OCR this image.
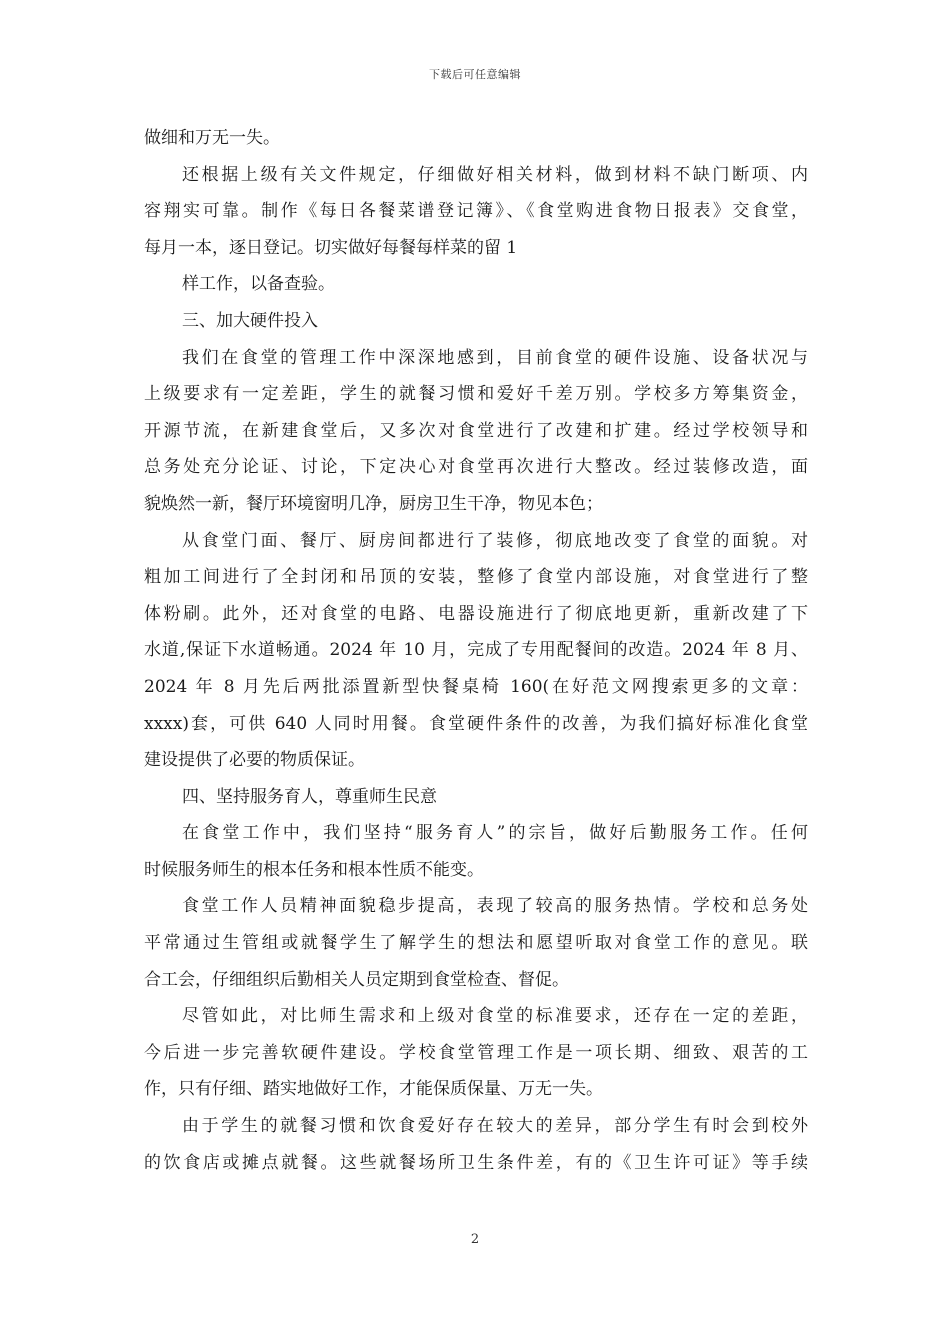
下载后可任意编辑
做细和万无一失。
还根据上级有关文件规定，仔细做好相关材料，做到材料不缺门断项、内
容翔实可靠。制作《每日各餐菜谱登记簿》、《食堂购进食物日报表》交食堂，
每月一本，逐日登记。切实做好每餐每样菜的留 1
样工作，以备查验。
三、加大硬件投入
我们在食堂的管理工作中深深地感到，目前食堂的硬件设施、设备状况与
上级要求有一定差距，学生的就餐习惯和爱好千差万别。学校多方筹集资金，
开源节流，在新建食堂后，又多次对食堂进行了改建和扩建。经过学校领导和
总务处充分论证、讨论，下定决心对食堂再次进行大整改。经过装修改造，面
貌焕然一新，餐厅环境窗明几净，厨房卫生干净，物见本色；
从食堂门面、餐厅、厨房间都进行了装修，彻底地改变了食堂的面貌。对
粗加工间进行了全封闭和吊顶的安装，整修了食堂内部设施，对食堂进行了整
体粉刷。此外，还对食堂的电路、电器设施进行了彻底地更新，重新改建了下
水道,保证下水道畅通。2024 年 10 月，完成了专用配餐间的改造。2024 年 8 月、
2024 年 8 月先后两批添置新型快餐桌椅 160(在好范文网搜索更多的文章：
xxxx)套，可供 640 人同时用餐。食堂硬件条件的改善，为我们搞好标准化食堂
建设提供了必要的物质保证。
四、坚持服务育人，尊重师生民意
在食堂工作中，我们坚持“服务育人”的宗旨，做好后勤服务工作。任何
时候服务师生的根本任务和根本性质不能变。
食堂工作人员精神面貌稳步提高，表现了较高的服务热情。学校和总务处
平常通过生管组或就餐学生了解学生的想法和愿望听取对食堂工作的意见。联
合工会，仔细组织后勤相关人员定期到食堂检查、督促。
尽管如此，对比师生需求和上级对食堂的标准要求，还存在一定的差距，
今后进一步完善软硬件建设。学校食堂管理工作是一项长期、细致、艰苦的工
作，只有仔细、踏实地做好工作，才能保质保量、万无一失。
由于学生的就餐习惯和饮食爱好存在较大的差异，部分学生有时会到校外
的饮食店或摊点就餐。这些就餐场所卫生条件差，有的《卫生许可证》等手续
2
